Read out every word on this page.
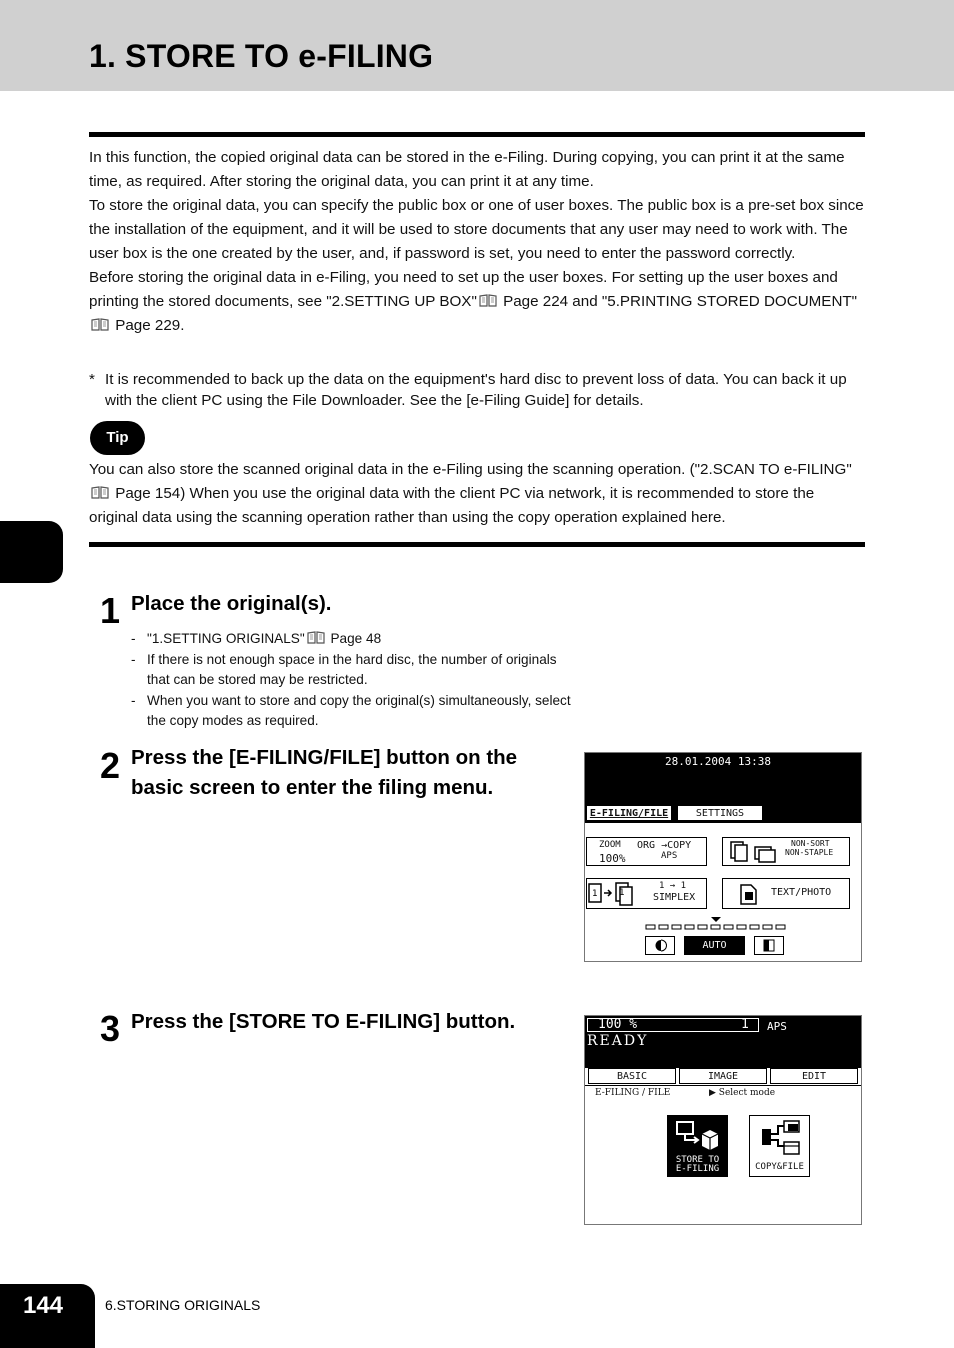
1. STORE TO e-FILING

In this function, the copied original data can be stored in the e-Filing. During copying, you can print it at the same time, as required. After storing the original data, you can print it at any time.

To store the original data, you can specify the public box or one of user boxes. The public box is a pre-set box since the installation of the equipment, and it will be used to store documents that any user may need to work with. The user box is the one created by the user, and, if password is set, you need to enter the password correctly.

Before storing the original data in e-Filing, you need to set up the user boxes. For setting up the user boxes and printing the stored documents, see "2.SETTING UP BOX" Page 224 and "5.PRINTING STORED DOCUMENT" Page 229.

* It is recommended to back up the data on the equipment's hard disc to prevent loss of data. You can back it up with the client PC using the File Downloader. See the [e-Filing Guide] for details.
Tip
You can also store the scanned original data in the e-Filing using the scanning operation. ("2.SCAN TO e-FILING" Page 154) When you use the original data with the client PC via network, it is recommended to store the original data using the scanning operation rather than using the copy operation explained here.
1 Place the original(s).
- "1.SETTING ORIGINALS" Page 48
- If there is not enough space in the hard disc, the number of originals that can be stored may be restricted.
- When you want to store and copy the original(s) simultaneously, select the copy modes as required.
2 Press the [E-FILING/FILE] button on the basic screen to enter the filing menu.
28.01.2004 13:38
E-FILING/FILE	SETTINGS
ZOOM
100%
ORG →COPY
APS
NON-SORT
NON-STAPLE
1 1
1 → 1
SIMPLEX	TEXT/PHOTO
AUTO
3 Press the [STORE TO E-FILING] button.	100 %	1 APS
READY
BASIC	IMAGE	EDIT
E-FILING / FILE	▶ Select mode
STORE TO
E-FILING	COPY&FILE
144	6.STORING ORIGINALS
